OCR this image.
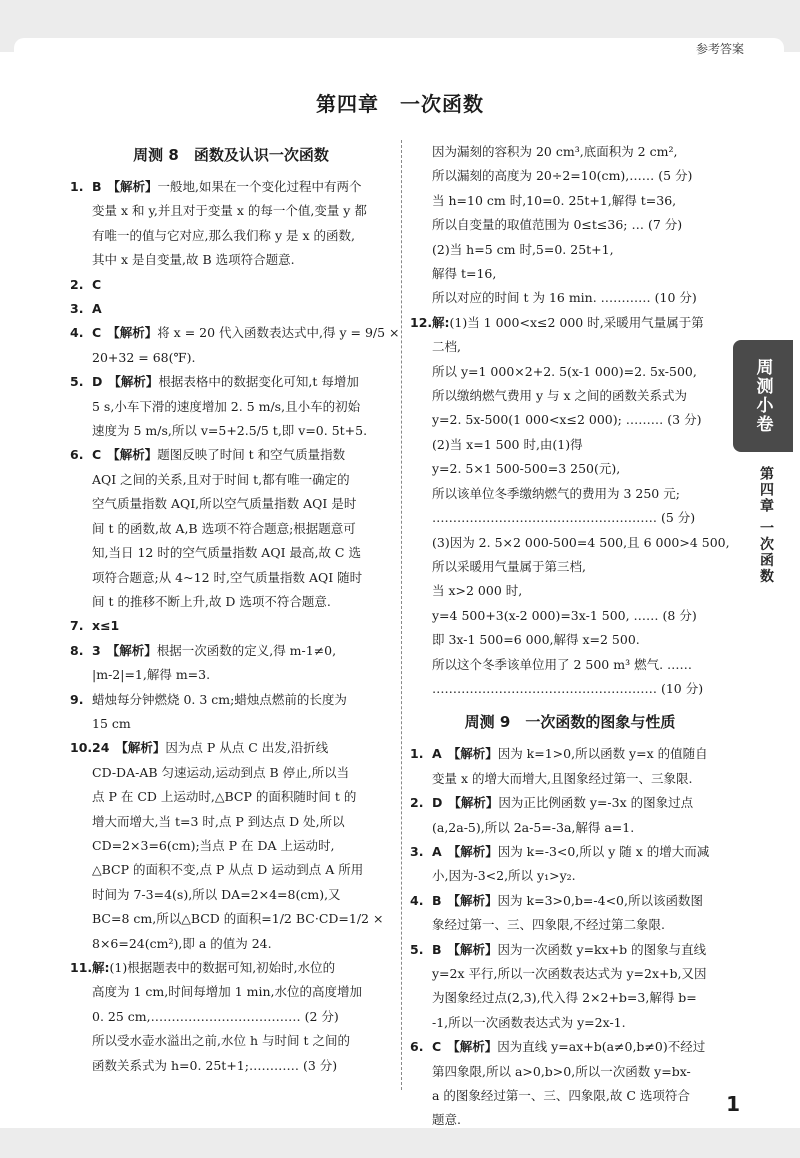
参考答案
第四章　一次函数
周测 8　函数及认识一次函数
1. B 【解析】一般地,如果在一个变化过程中有两个
变量 x 和 y,并且对于变量 x 的每一个值,变量 y 都
有唯一的值与它对应,那么我们称 y 是 x 的函数,
其中 x 是自变量,故 B 选项符合题意.
2. C
3. A
4. C 【解析】将 x = 20 代入函数表达式中,得 y = 9/5 ×
20+32 = 68(℉).
5. D 【解析】根据表格中的数据变化可知,t 每增加
5 s,小车下滑的速度增加 2. 5 m/s,且小车的初始
速度为 5 m/s,所以 v=5+2.5/5 t,即 v=0. 5t+5.
6. C 【解析】题图反映了时间 t 和空气质量指数
AQI 之间的关系,且对于时间 t,都有唯一确定的
空气质量指数 AQI,所以空气质量指数 AQI 是时
间 t 的函数,故 A,B 选项不符合题意;根据题意可
知,当日 12 时的空气质量指数 AQI 最高,故 C 选
项符合题意;从 4~12 时,空气质量指数 AQI 随时
间 t 的推移不断上升,故 D 选项不符合题意.
7. x≤1
8. 3 【解析】根据一次函数的定义,得 m-1≠0,
|m-2|=1,解得 m=3.
9. 蜡烛每分钟燃烧 0. 3 cm;蜡烛点燃前的长度为
15 cm
10. 24 【解析】因为点 P 从点 C 出发,沿折线
CD-DA-AB 匀速运动,运动到点 B 停止,所以当
点 P 在 CD 上运动时,△BCP 的面积随时间 t 的
增大而增大,当 t=3 时,点 P 到达点 D 处,所以
CD=2×3=6(cm);当点 P 在 DA 上运动时,
△BCP 的面积不变,点 P 从点 D 运动到点 A 所用
时间为 7-3=4(s),所以 DA=2×4=8(cm),又
BC=8 cm,所以△BCD 的面积=1/2 BC·CD=1/2 ×
8×6=24(cm²),即 a 的值为 24.
11. 解:(1)根据题表中的数据可知,初始时,水位的
高度为 1 cm,时间每增加 1 min,水位的高度增加
0. 25 cm,……………………………… (2 分)
所以受水壶水溢出之前,水位 h 与时间 t 之间的
函数关系式为 h=0. 25t+1;………… (3 分)
因为漏刻的容积为 20 cm³,底面积为 2 cm²,
所以漏刻的高度为 20÷2=10(cm),…… (5 分)
当 h=10 cm 时,10=0. 25t+1,解得 t=36,
所以自变量的取值范围为 0≤t≤36; … (7 分)
(2)当 h=5 cm 时,5=0. 25t+1,
解得 t=16,
所以对应的时间 t 为 16 min. ………… (10 分)
12. 解:(1)当 1 000<x≤2 000 时,采暖用气量属于第
二档,
所以 y=1 000×2+2. 5(x-1 000)=2. 5x-500,
所以缴纳燃气费用 y 与 x 之间的函数关系式为
y=2. 5x-500(1 000<x≤2 000); ……… (3 分)
(2)当 x=1 500 时,由(1)得
y=2. 5×1 500-500=3 250(元),
所以该单位冬季缴纳燃气的费用为 3 250 元;
……………………………………………… (5 分)
(3)因为 2. 5×2 000-500=4 500,且 6 000>4 500,
所以采暖用气量属于第三档,
当 x>2 000 时,
y=4 500+3(x-2 000)=3x-1 500, …… (8 分)
即 3x-1 500=6 000,解得 x=2 500.
所以这个冬季该单位用了 2 500 m³ 燃气. ……
……………………………………………… (10 分)
周测 9　一次函数的图象与性质
1. A 【解析】因为 k=1>0,所以函数 y=x 的值随自
变量 x 的增大而增大,且图象经过第一、三象限.
2. D 【解析】因为正比例函数 y=-3x 的图象过点
(a,2a-5),所以 2a-5=-3a,解得 a=1.
3. A 【解析】因为 k=-3<0,所以 y 随 x 的增大而减
小,因为-3<2,所以 y₁>y₂.
4. B 【解析】因为 k=3>0,b=-4<0,所以该函数图
象经过第一、三、四象限,不经过第二象限.
5. B 【解析】因为一次函数 y=kx+b 的图象与直线
y=2x 平行,所以一次函数表达式为 y=2x+b,又因
为图象经过点(2,3),代入得 2×2+b=3,解得 b=
-1,所以一次函数表达式为 y=2x-1.
6. C 【解析】因为直线 y=ax+b(a≠0,b≠0)不经过
第四象限,所以 a>0,b>0,所以一次函数 y=bx-
a 的图象经过第一、三、四象限,故 C 选项符合
题意.
周测小卷
第四章 一次函数
1
